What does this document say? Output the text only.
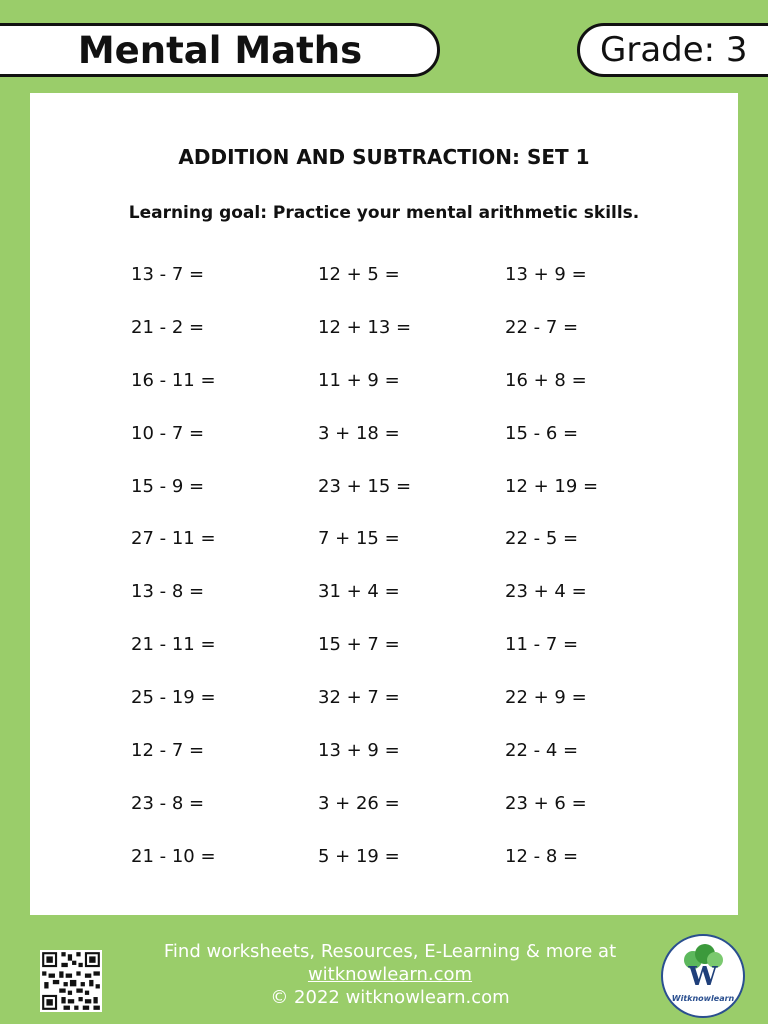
Mental Maths	Grade: 3
ADDITION AND SUBTRACTION: SET 1
Learning goal: Practice your mental arithmetic skills.
13 - 7 =	12 + 5 =	13 + 9 =
21 - 2 =	12 + 13 =	22 - 7 =
16 - 11 =	11 + 9 =	16 + 8 =
10 - 7 =	3 + 18 =	15 - 6 =
15 - 9 =	23 + 15 =	12 + 19 =
27 - 11 =	7 + 15 =	22 - 5 =
13 - 8 =	31 + 4 =	23 + 4 =
21 - 11 =	15 + 7 =	11 - 7 =
25 - 19 =	32 + 7 =	22 + 9 =
12 - 7 =	13 + 9 =	22 - 4 =
23 - 8 =	3 + 26 =	23 + 6 =
21 - 10 =	5 + 19 =	12 - 8 =
Find worksheets, Resources, E-Learning & more at
witknowlearn.com
© 2022 witknowlearn.com
W
Witknowlearn
